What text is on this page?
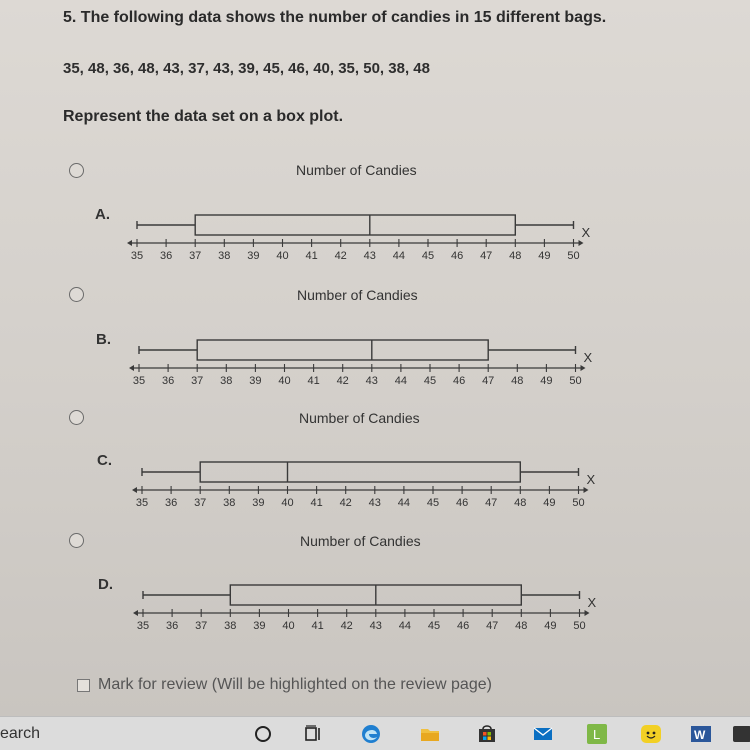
5. The following data shows the number of candies in 15 different bags.
35, 48, 36, 48, 43, 37, 43, 39, 45, 46, 40, 35, 50, 38, 48
Represent the data set on a box plot.
Number of Candies
A.
X
35 36 37 38 39 40 41 42 43 44 45 46 47 48 49 50
Number of Candies
B.
X
35 36 37 38 39 40 41 42 43 44 45 46 47 48 49 50
Number of Candies
C.
X
35 36 37 38 39 40 41 42 43 44 45 46 47 48 49 50
Number of Candies
D.
X
35 36 37 38 39 40 41 42 43 44 45 46 47 48 49 50
Mark for review (Will be highlighted on the review page)
earch	L	W
